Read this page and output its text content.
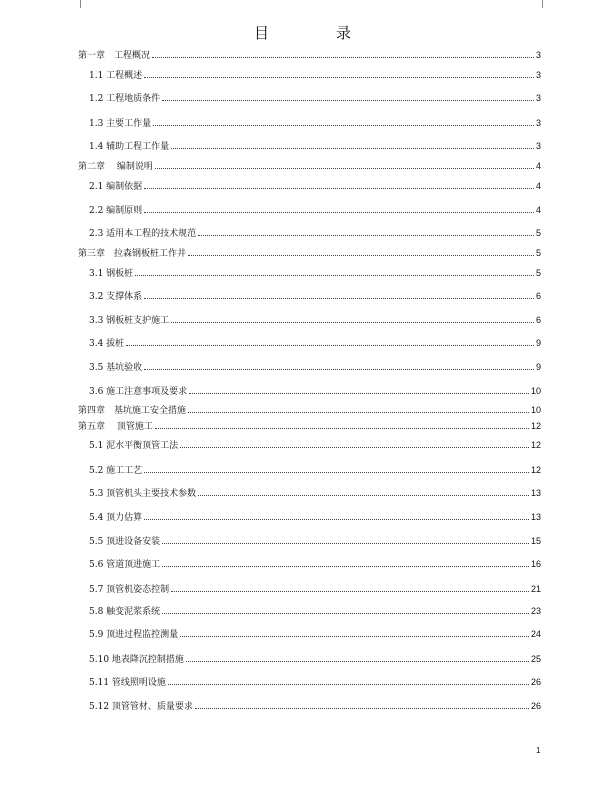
目　录
第一章　工程概况	3
1.1 工程概述	3
1.2 工程地质条件	3
1.3 主要工作量	3
1.4 辅助工程工作量	3
第二章　 编制说明	4
2.1 编制依据	4
2.2 编制原则	4
2.3 适用本工程的技术规范	5
第三章　拉森钢板桩工作井	5
3.1 钢板桩	5
3.2 支撑体系	6
3.3 钢板桩支护施工	6
3.4 拔桩	9
3.5 基坑验收	9
3.6 施工注意事项及要求	10
第四章　基坑施工安全措施	10
第五章　 顶管施工	12
5.1 泥水平衡顶管工法	12
5.2 施工工艺	12
5.3 顶管机头主要技术参数	13
5.4 顶力估算	13
5.5 顶进设备安装	15
5.6 管道顶进施工	16
5.7 顶管机姿态控制	21
5.8 触变泥浆系统	23
5.9 顶进过程监控测量	24
5.10 地表降沉控制措施	25
5.11 管线照明设施	26
5.12 顶管管材、质量要求	26
1
